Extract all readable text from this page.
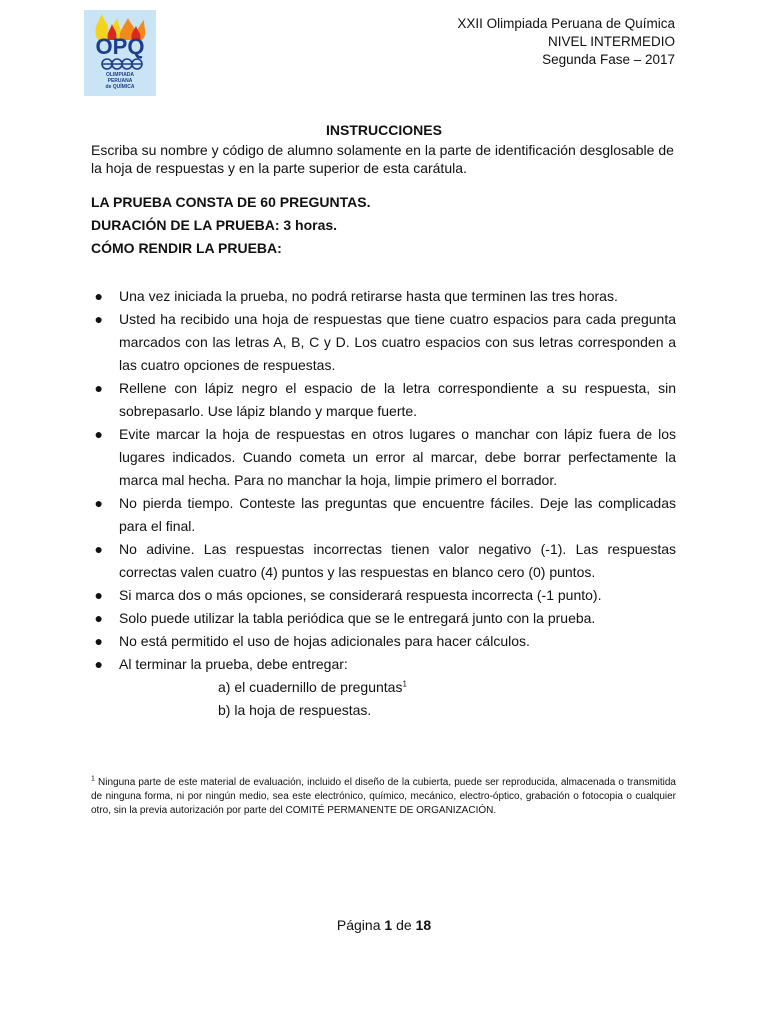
OPQ
OLIMPIADA
PERUANA
de QUÍMICA
XXII Olimpiada Peruana de Química
NIVEL INTERMEDIO
Segunda Fase – 2017
INSTRUCCIONES
Escriba su nombre y código de alumno solamente en la parte de identificación desglosable de la hoja de respuestas y en la parte superior de esta carátula.
LA PRUEBA CONSTA DE 60 PREGUNTAS.
DURACIÓN DE LA PRUEBA: 3 horas.
CÓMO RENDIR LA PRUEBA:
●	Una vez iniciada la prueba, no podrá retirarse hasta que terminen las tres horas.
●	Usted ha recibido una hoja de respuestas que tiene cuatro espacios para cada pregunta marcados con las letras A, B, C y D. Los cuatro espacios con sus letras corresponden a las cuatro opciones de respuestas.
●	Rellene con lápiz negro el espacio de la letra correspondiente a su respuesta, sin sobrepasarlo. Use lápiz blando y marque fuerte.
●	Evite marcar la hoja de respuestas en otros lugares o manchar con lápiz fuera de los lugares indicados. Cuando cometa un error al marcar, debe borrar perfectamente la marca mal hecha. Para no manchar la hoja, limpie primero el borrador.
●	No pierda tiempo. Conteste las preguntas que encuentre fáciles. Deje las complicadas para el final.
●	No adivine. Las respuestas incorrectas tienen valor negativo (-1). Las respuestas correctas valen cuatro (4) puntos y las respuestas en blanco cero (0) puntos.
●	Si marca dos o más opciones, se considerará respuesta incorrecta (-1 punto).
●	Solo puede utilizar la tabla periódica que se le entregará junto con la prueba.
●	No está permitido el uso de hojas adicionales para hacer cálculos.
●	Al terminar la prueba, debe entregar:
a) el cuadernillo de preguntas$^1$
b) la hoja de respuestas.
$^1$ Ninguna parte de este material de evaluación, incluido el diseño de la cubierta, puede ser reproducida, almacenada o transmitida de ninguna forma, ni por ningún medio, sea este electrónico, químico, mecánico, electro-óptico, grabación o fotocopia o cualquier otro, sin la previa autorización por parte del COMITÉ PERMANENTE DE ORGANIZACIÓN.
Página 1 de 18
